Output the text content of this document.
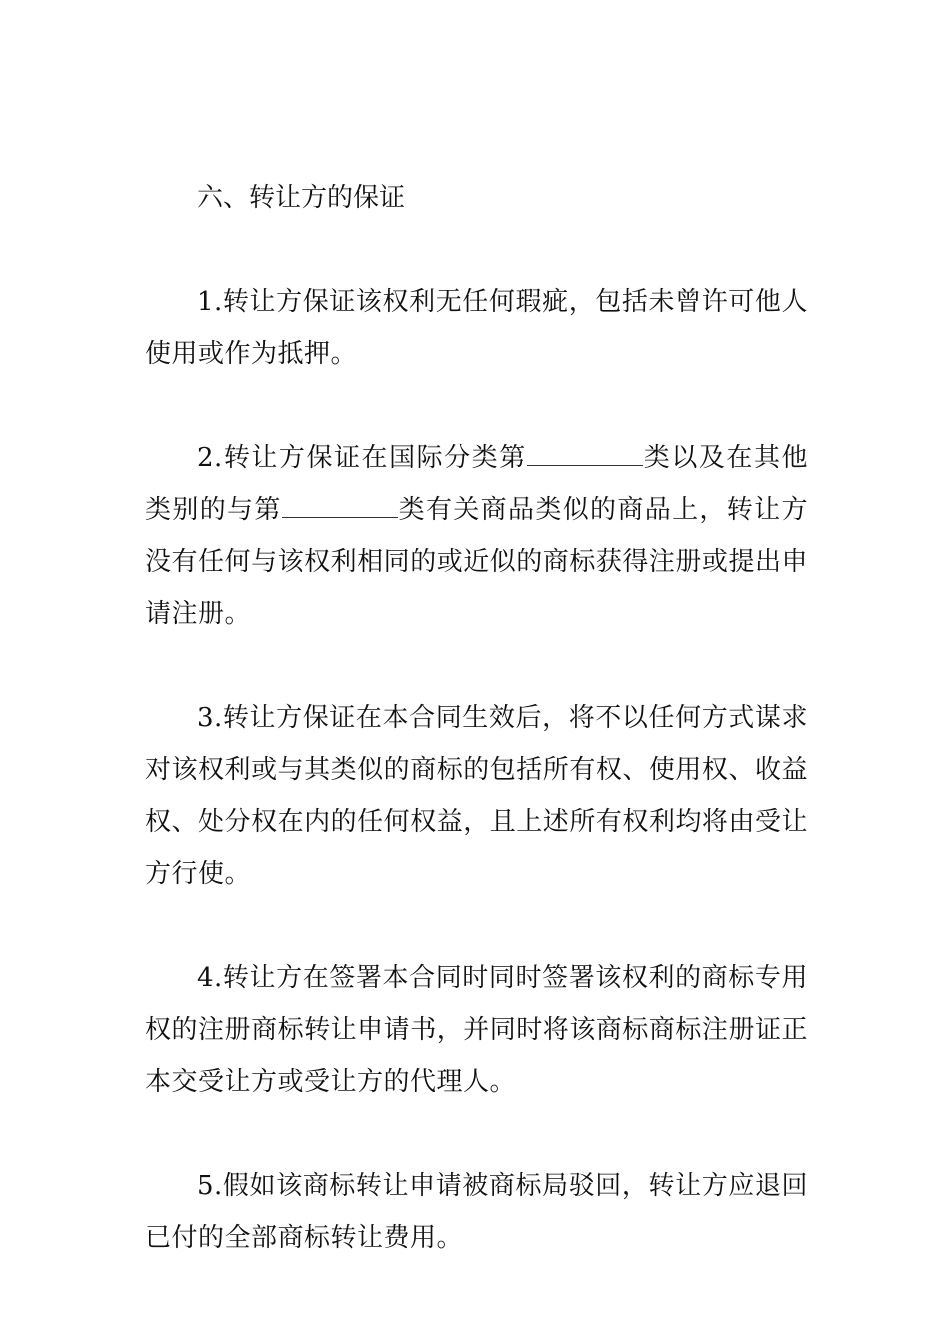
六、转让方的保证

1.转让方保证该权利无任何瑕疵，包括未曾许可他人使用或作为抵押。

2.转让方保证在国际分类第	类以及在其他类别的与第	类有关商品类似的商品上，转让方没有任何与该权利相同的或近似的商标获得注册或提出申请注册。

3.转让方保证在本合同生效后，将不以任何方式谋求对该权利或与其类似的商标的包括所有权、使用权、收益权、处分权在内的任何权益，且上述所有权利均将由受让方行使。

4.转让方在签署本合同时同时签署该权利的商标专用权的注册商标转让申请书，并同时将该商标商标注册证正本交受让方或受让方的代理人。

5.假如该商标转让申请被商标局驳回，转让方应退回已付的全部商标转让费用。
